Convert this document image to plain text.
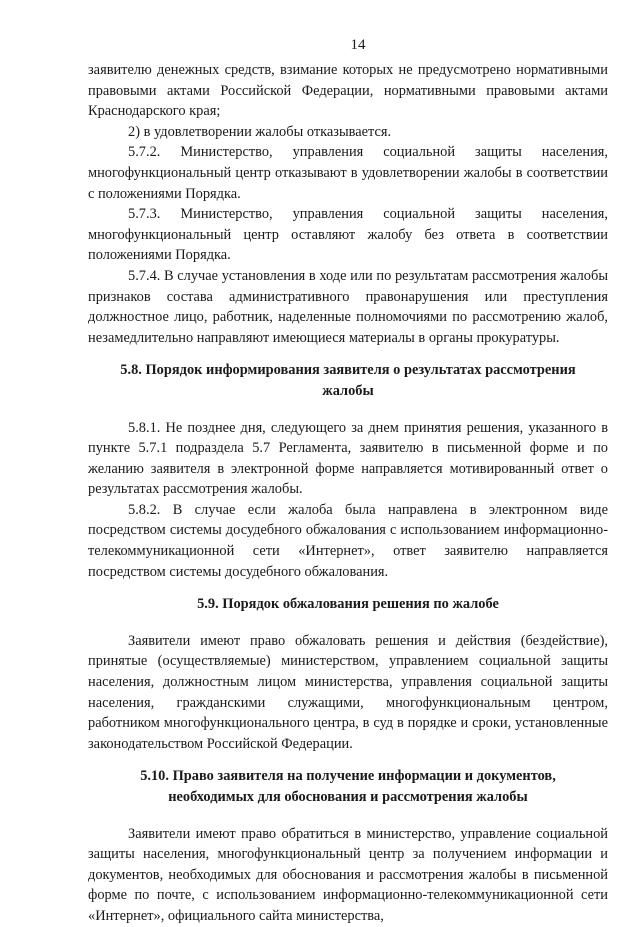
14

заявителю денежных средств, взимание которых не предусмотрено нормативными правовыми актами Российской Федерации, нормативными правовыми актами Краснодарского края;

2) в удовлетворении жалобы отказывается.

5.7.2. Министерство, управления социальной защиты населения, многофункциональный центр отказывают в удовлетворении жалобы в соответствии с положениями Порядка.

5.7.3. Министерство, управления социальной защиты населения, многофункциональный центр оставляют жалобу без ответа в соответствии положениями Порядка.

5.7.4. В случае установления в ходе или по результатам рассмотрения жалобы признаков состава административного правонарушения или преступления должностное лицо, работник, наделенные полномочиями по рассмотрению жалоб, незамедлительно направляют имеющиеся материалы в органы прокуратуры.

5.8. Порядок информирования заявителя о результатах рассмотрения жалобы

5.8.1. Не позднее дня, следующего за днем принятия решения, указанного в пункте 5.7.1 подраздела 5.7 Регламента, заявителю в письменной форме и по желанию заявителя в электронной форме направляется мотивированный ответ о результатах рассмотрения жалобы.

5.8.2. В случае если жалоба была направлена в электронном виде посредством системы досудебного обжалования с использованием информационно-телекоммуникационной сети «Интернет», ответ заявителю направляется посредством системы досудебного обжалования.

5.9. Порядок обжалования решения по жалобе

Заявители имеют право обжаловать решения и действия (бездействие), принятые (осуществляемые) министерством, управлением социальной защиты населения, должностным лицом министерства, управления социальной защиты населения, гражданскими служащими, многофункциональным центром, работником многофункционального центра, в суд в порядке и сроки, установленные законодательством Российской Федерации.

5.10. Право заявителя на получение информации и документов, необходимых для обоснования и рассмотрения жалобы

Заявители имеют право обратиться в министерство, управление социальной защиты населения, многофункциональный центр за получением информации и документов, необходимых для обоснования и рассмотрения жалобы в письменной форме по почте, с использованием информационно-телекоммуникационной сети «Интернет», официального сайта министерства,
